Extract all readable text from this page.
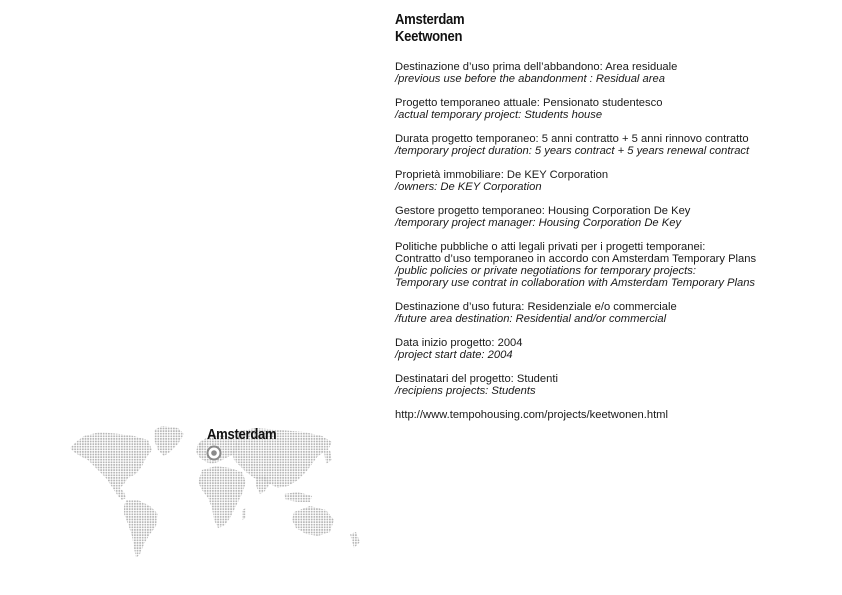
Amsterdam
Keetwonen
Destinazione d’uso prima dell’abbandono: Area residuale
/previous use before the abandonment : Residual area
Progetto temporaneo attuale: Pensionato studentesco
/actual temporary project: Students house
Durata progetto temporaneo: 5 anni contratto + 5 anni rinnovo contratto
/temporary project duration: 5 years contract + 5 years renewal contract
Proprietà immobiliare: De KEY Corporation
/owners: De KEY Corporation
Gestore progetto temporaneo: Housing Corporation De Key
/temporary project manager: Housing Corporation De Key
Politiche pubbliche o atti legali privati per i progetti temporanei:
Contratto d’uso temporaneo in accordo con Amsterdam Temporary Plans
/public policies or private negotiations for temporary projects:
Temporary use contrat in collaboration with Amsterdam Temporary Plans
Destinazione d’uso futura: Residenziale e/o commerciale
/future area destination: Residential and/or commercial
Data inizio progetto: 2004
/project start date: 2004
Destinatari del progetto: Studenti
/recipiens projects: Students
http://www.tempohousing.com/projects/keetwonen.html
Amsterdam
